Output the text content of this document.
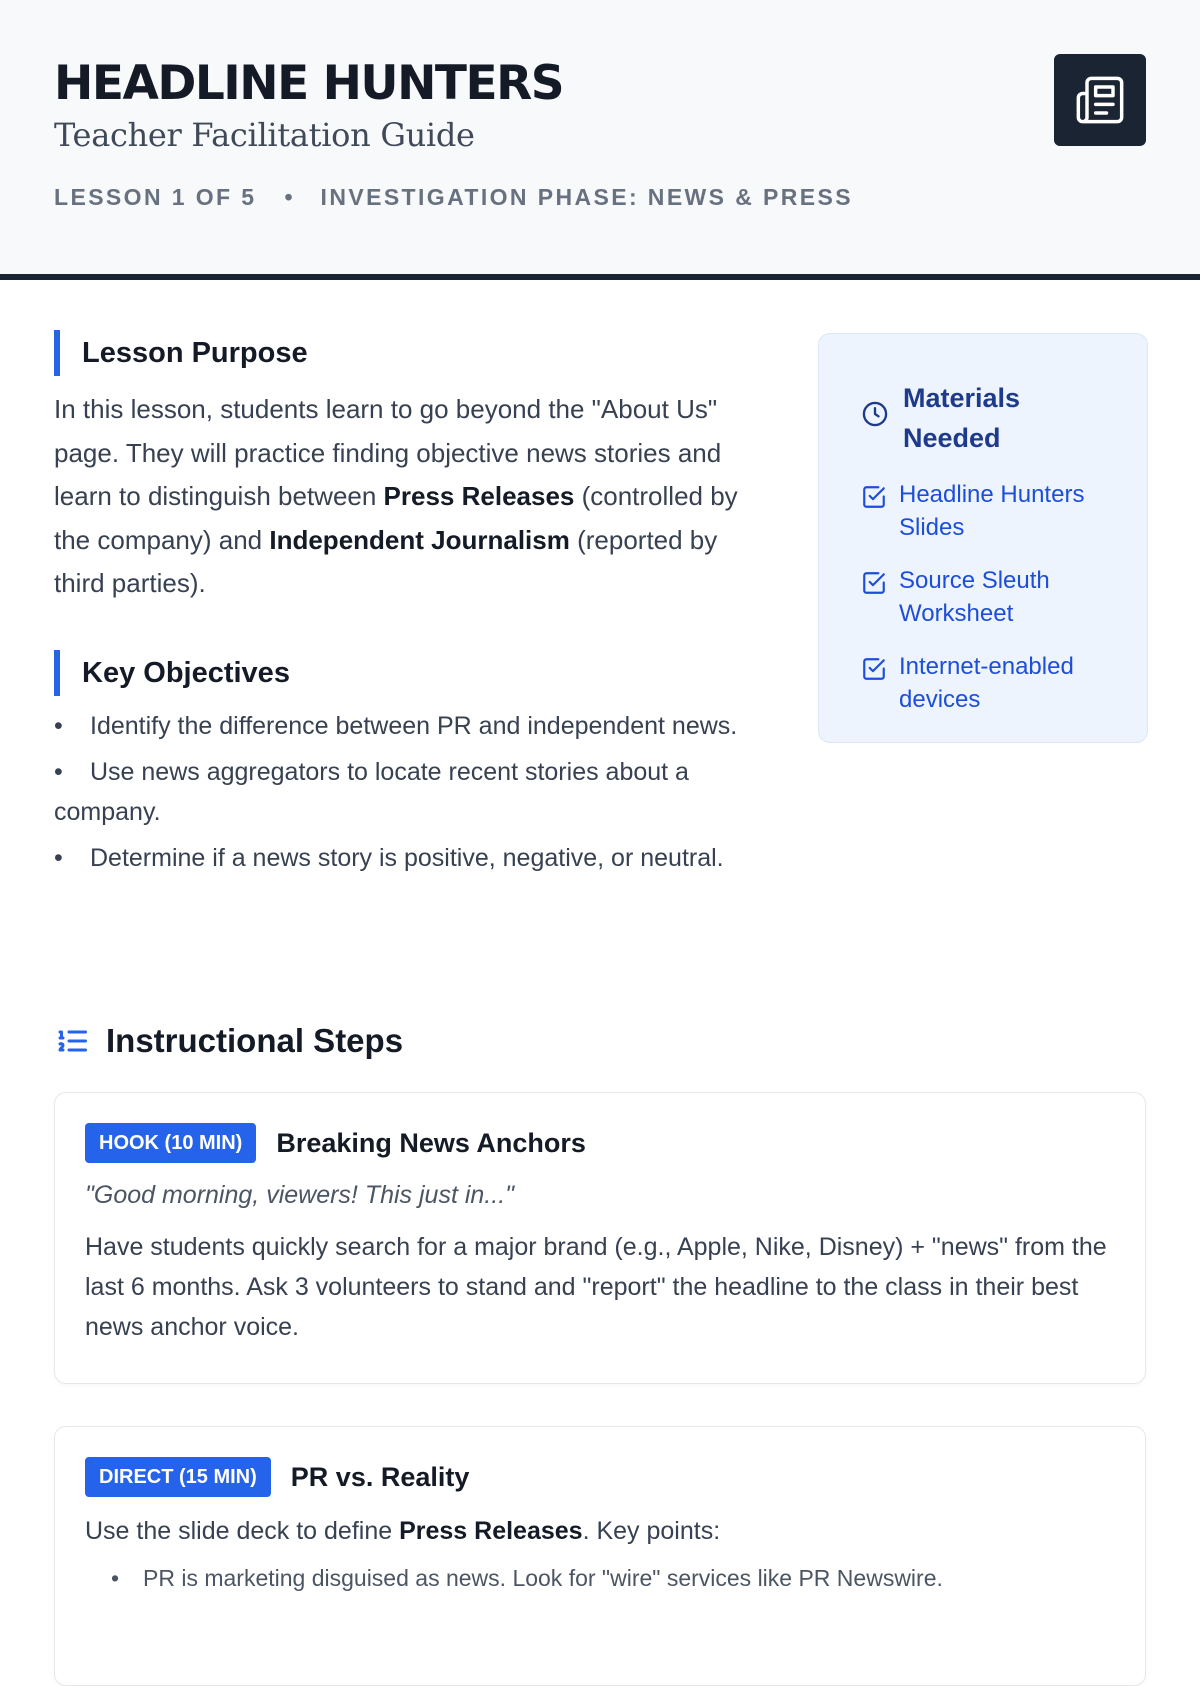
HEADLINE HUNTERS
Teacher Facilitation Guide
LESSON 1 OF 5 • INVESTIGATION PHASE: NEWS & PRESS
Lesson Purpose

In this lesson, students learn to go beyond the "About Us" page. They will practice finding objective news stories and learn to distinguish between Press Releases (controlled by the company) and Independent Journalism (reported by third parties).

Key Objectives
• Identify the difference between PR and independent news.
• Use news aggregators to locate recent stories about a company.
• Determine if a news story is positive, negative, or neutral.
Materials
Needed
Headline Hunters Slides
Source Sleuth Worksheet
Internet-enabled devices
Instructional Steps
HOOK (10 MIN)	Breaking News Anchors
"Good morning, viewers! This just in..."
Have students quickly search for a major brand (e.g., Apple, Nike, Disney) + "news" from the last 6 months. Ask 3 volunteers to stand and "report" the headline to the class in their best news anchor voice.
DIRECT (15 MIN)	PR vs. Reality
Use the slide deck to define Press Releases. Key points:
• PR is marketing disguised as news. Look for "wire" services like PR Newswire.
